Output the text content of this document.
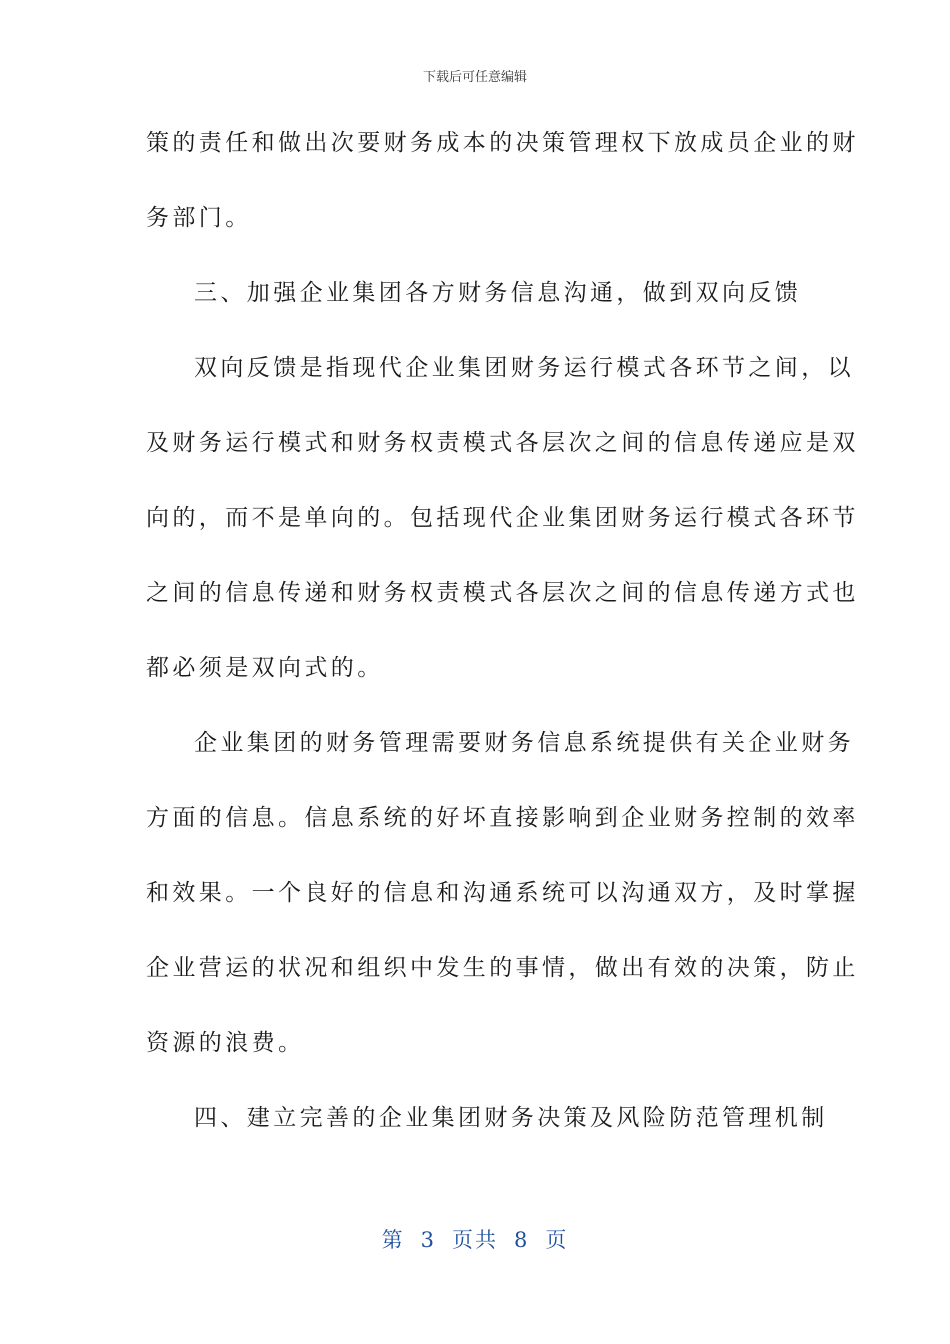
下载后可任意编辑
策的责任和做出次要财务成本的决策管理权下放成员企业的财
务部门。
三、加强企业集团各方财务信息沟通，做到双向反馈
双向反馈是指现代企业集团财务运行模式各环节之间，以
及财务运行模式和财务权责模式各层次之间的信息传递应是双
向的，而不是单向的。包括现代企业集团财务运行模式各环节
之间的信息传递和财务权责模式各层次之间的信息传递方式也
都必须是双向式的。
企业集团的财务管理需要财务信息系统提供有关企业财务
方面的信息。信息系统的好坏直接影响到企业财务控制的效率
和效果。一个良好的信息和沟通系统可以沟通双方，及时掌握
企业营运的状况和组织中发生的事情，做出有效的决策，防止
资源的浪费。
四、建立完善的企业集团财务决策及风险防范管理机制
第 3 页共 8 页
